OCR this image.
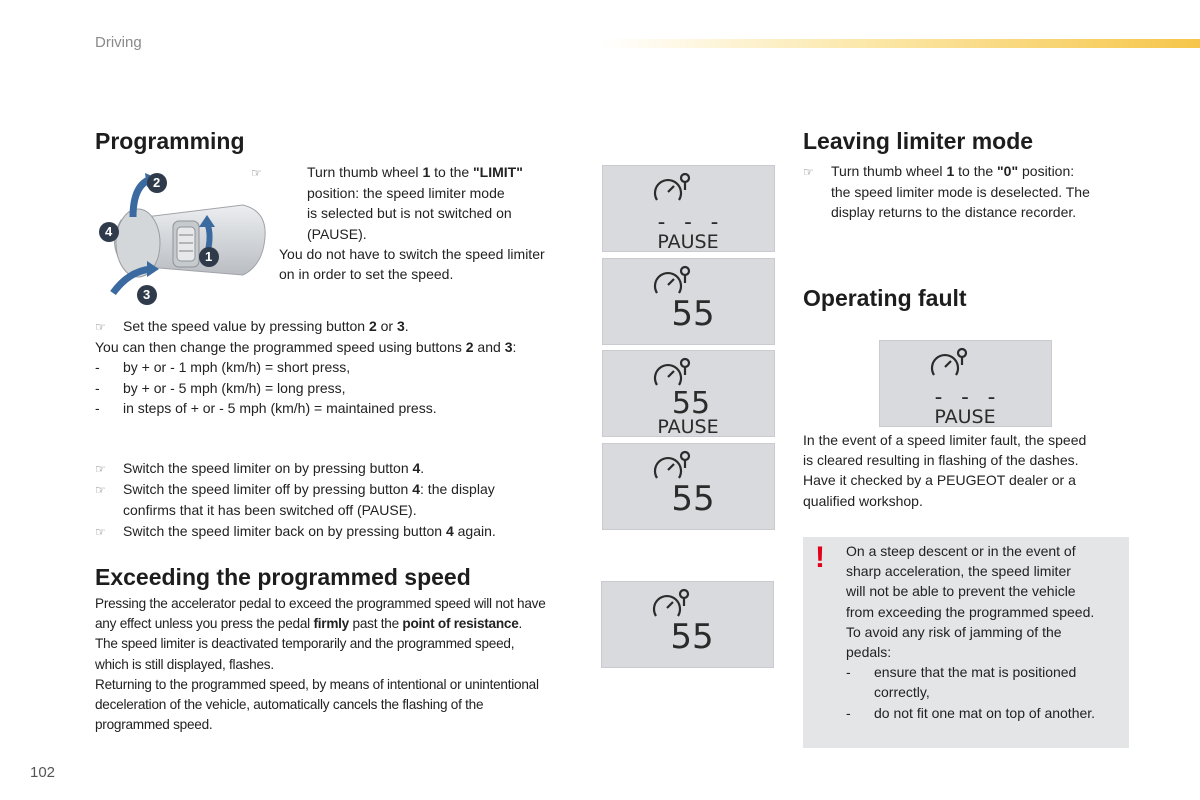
Driving
Programming
2
4
1
3
☞	Turn thumb wheel 1 to the "LIMIT"
position: the speed limiter mode
is selected but is not switched on
(PAUSE).
You do not have to switch the speed limiter
on in order to set the speed.
☞ Set the speed value by pressing button 2 or 3.
You can then change the programmed speed using buttons 2 and 3:
- by + or - 1 mph (km/h) = short press,
- by + or - 5 mph (km/h) = long press,
- in steps of + or - 5 mph (km/h) = maintained press.
☞ Switch the speed limiter on by pressing button 4.
☞ Switch the speed limiter off by pressing button 4: the display
confirms that it has been switched off (PAUSE).
☞ Switch the speed limiter back on by pressing button 4 again.
Exceeding the programmed speed
Pressing the accelerator pedal to exceed the programmed speed will not have
any effect unless you press the pedal firmly past the point of resistance.
The speed limiter is deactivated temporarily and the programmed speed,
which is still displayed, flashes.
Returning to the programmed speed, by means of intentional or unintentional
deceleration of the vehicle, automatically cancels the flashing of the
programmed speed.
- - -
PAUSE
55
55
PAUSE
55
55
Leaving limiter mode
☞ Turn thumb wheel 1 to the "0" position:
the speed limiter mode is deselected. The
display returns to the distance recorder.
Operating fault
- - -
PAUSE
In the event of a speed limiter fault, the speed
is cleared resulting in flashing of the dashes.
Have it checked by a PEUGEOT dealer or a
qualified workshop.
! On a steep descent or in the event of
sharp acceleration, the speed limiter
will not be able to prevent the vehicle
from exceeding the programmed speed.
To avoid any risk of jamming of the
pedals:
- ensure that the mat is positioned
correctly,
- do not fit one mat on top of another.
102
